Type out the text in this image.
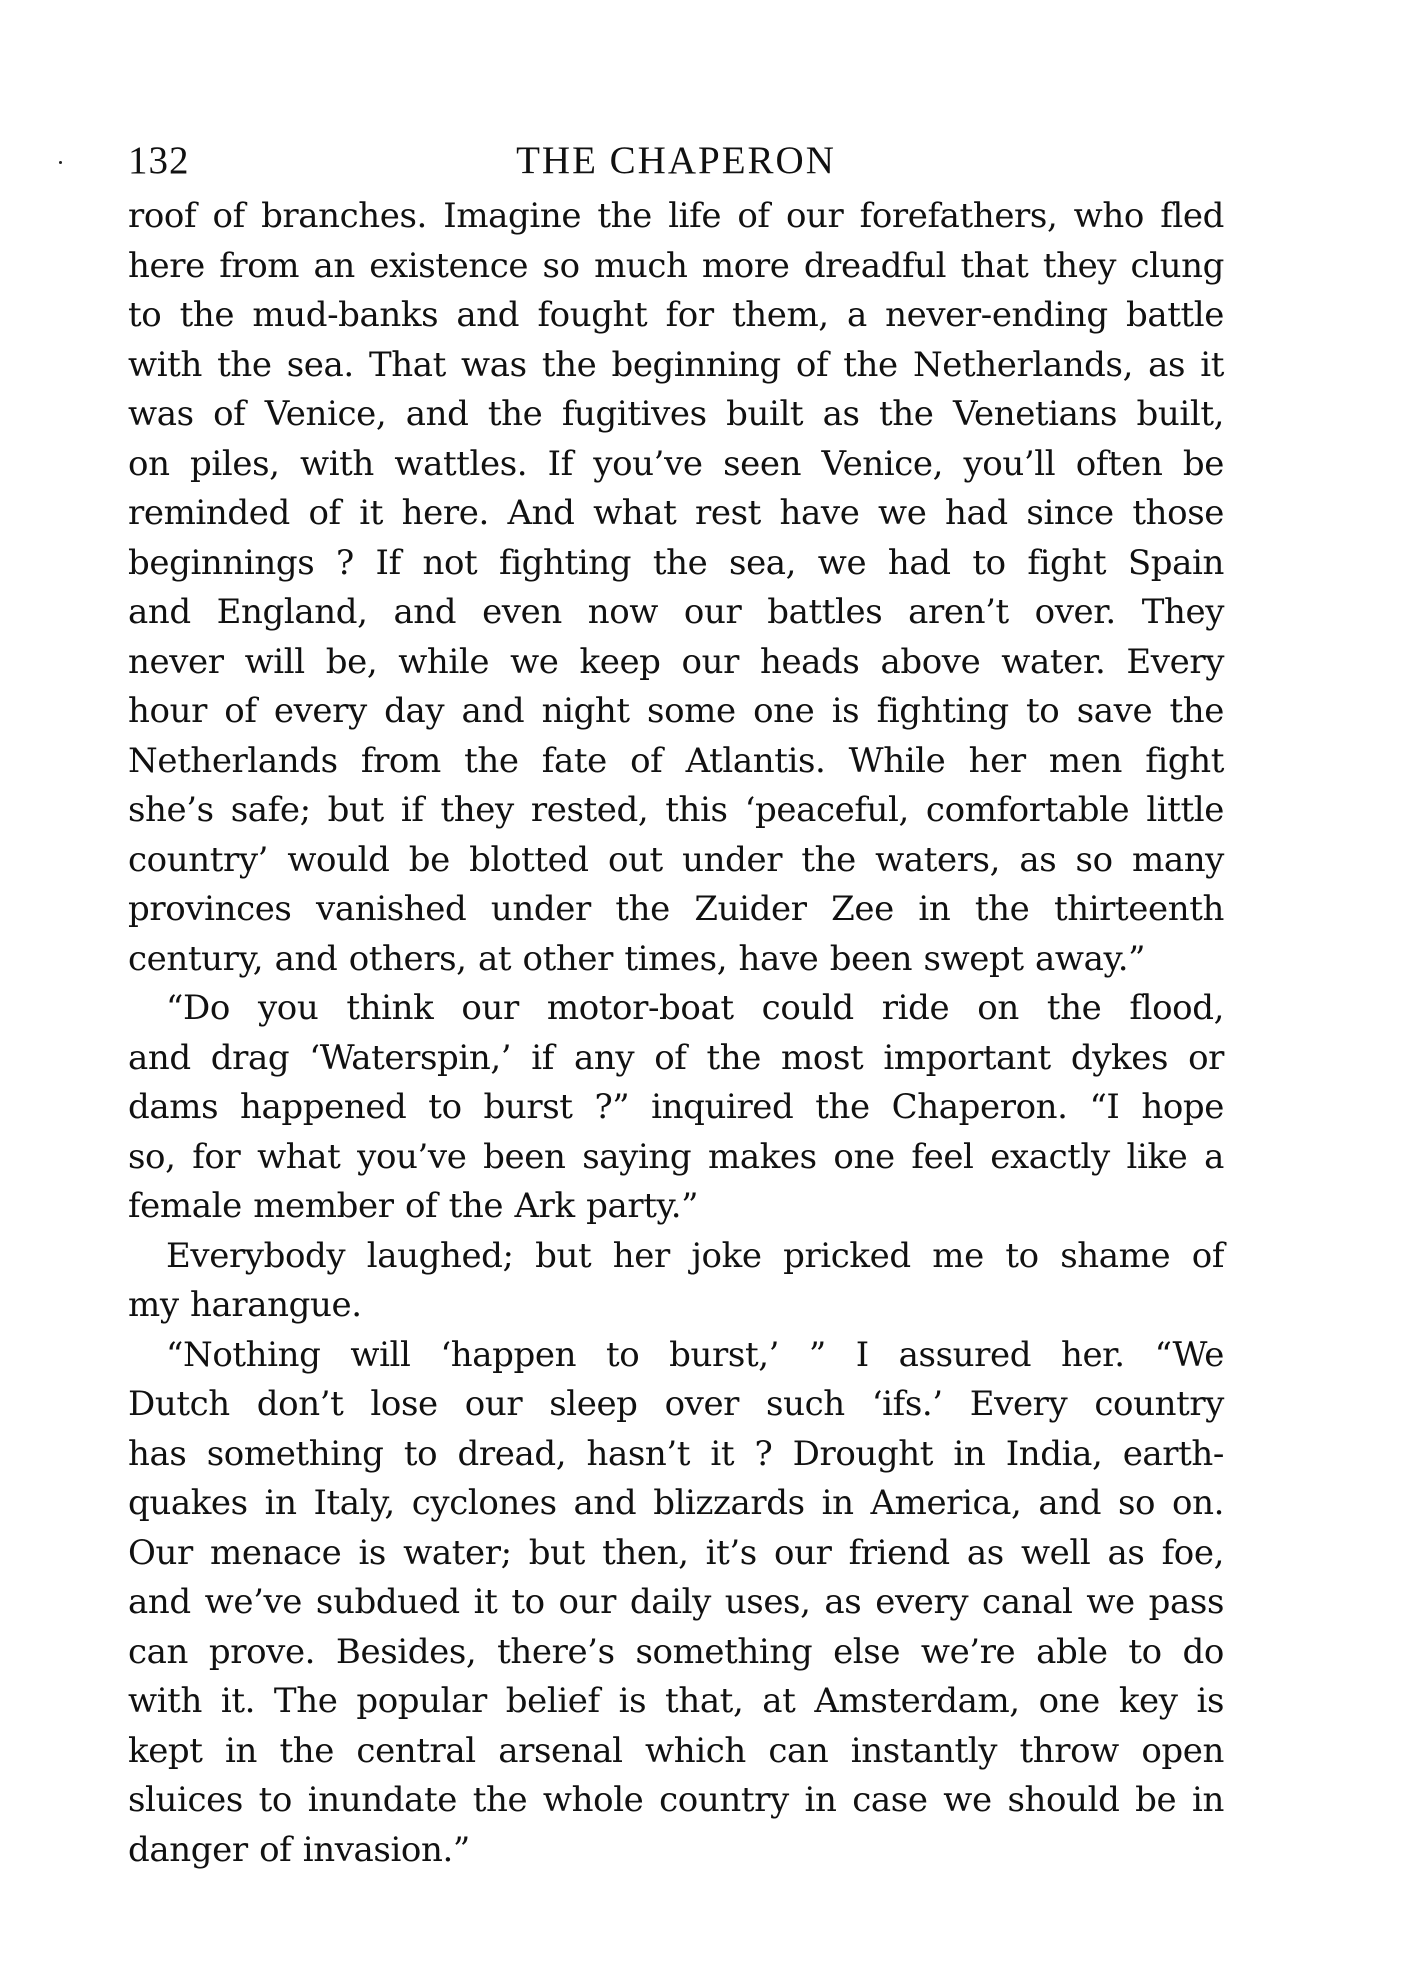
132	THE CHAPERON
roof of branches. Imagine the life of our forefathers, who fled
here from an existence so much more dreadful that they clung
to the mud-banks and fought for them, a never-ending battle
with the sea. That was the beginning of the Netherlands, as it
was of Venice, and the fugitives built as the Venetians built,
on piles, with wattles. If you’ve seen Venice, you’ll often be
reminded of it here. And what rest have we had since those
beginnings ? If not fighting the sea, we had to fight Spain
and England, and even now our battles aren’t over. They
never will be, while we keep our heads above water. Every
hour of every day and night some one is fighting to save the
Netherlands from the fate of Atlantis. While her men fight
she’s safe; but if they rested, this ‘peaceful, comfortable little
country’ would be blotted out under the waters, as so many
provinces vanished under the Zuider Zee in the thirteenth
century, and others, at other times, have been swept away.”
“Do you think our motor-boat could ride on the flood,
and drag ‘Waterspin,’ if any of the most important dykes or
dams happened to burst ?” inquired the Chaperon. “I hope
so, for what you’ve been saying makes one feel exactly like a
female member of the Ark party.”
Everybody laughed; but her joke pricked me to shame of
my harangue.
“Nothing will ‘happen to burst,’ ” I assured her. “We
Dutch don’t lose our sleep over such ‘ifs.’ Every country
has something to dread, hasn’t it ? Drought in India, earth-
quakes in Italy, cyclones and blizzards in America, and so on.
Our menace is water; but then, it’s our friend as well as foe,
and we’ve subdued it to our daily uses, as every canal we pass
can prove. Besides, there’s something else we’re able to do
with it. The popular belief is that, at Amsterdam, one key is
kept in the central arsenal which can instantly throw open
sluices to inundate the whole country in case we should be in
danger of invasion.”
